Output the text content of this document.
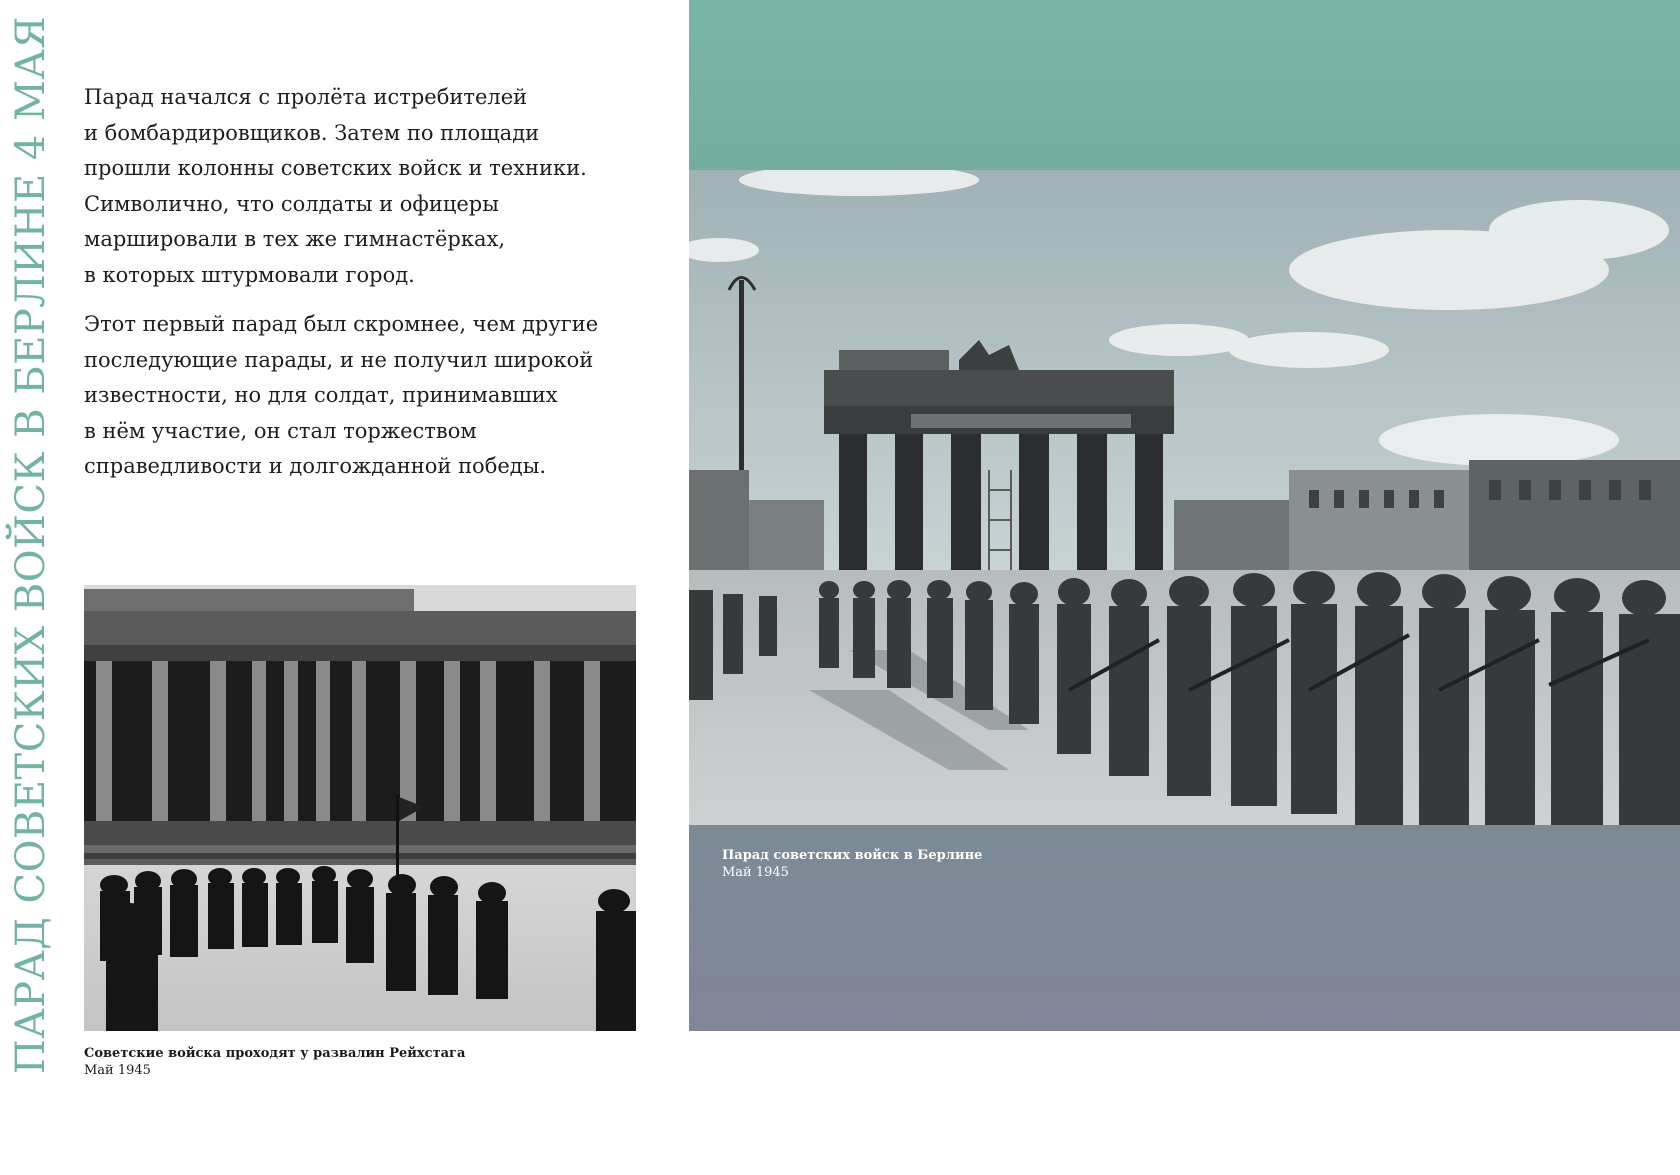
ПАРАД СОВЕТСКИХ ВОЙСК В БЕРЛИНЕ 4 МАЯ Парад начался с пролёта истребителей
и бомбардировщиков. Затем по площади
прошли колонны советских войск и техники.
Символично, что солдаты и офицеры
маршировали в тех же гимнастёрках,
в которых штурмовали город.

Этот первый парад был скромнее, чем другие
последующие парады, и не получил широкой
известности, но для солдат, принимавших
в нём участие, он стал торжеством
справедливости и долгожданной победы.

Советские войска проходят у развалин Рейхстага
Май 1945
Парад советских войск в Берлине
Май 1945
